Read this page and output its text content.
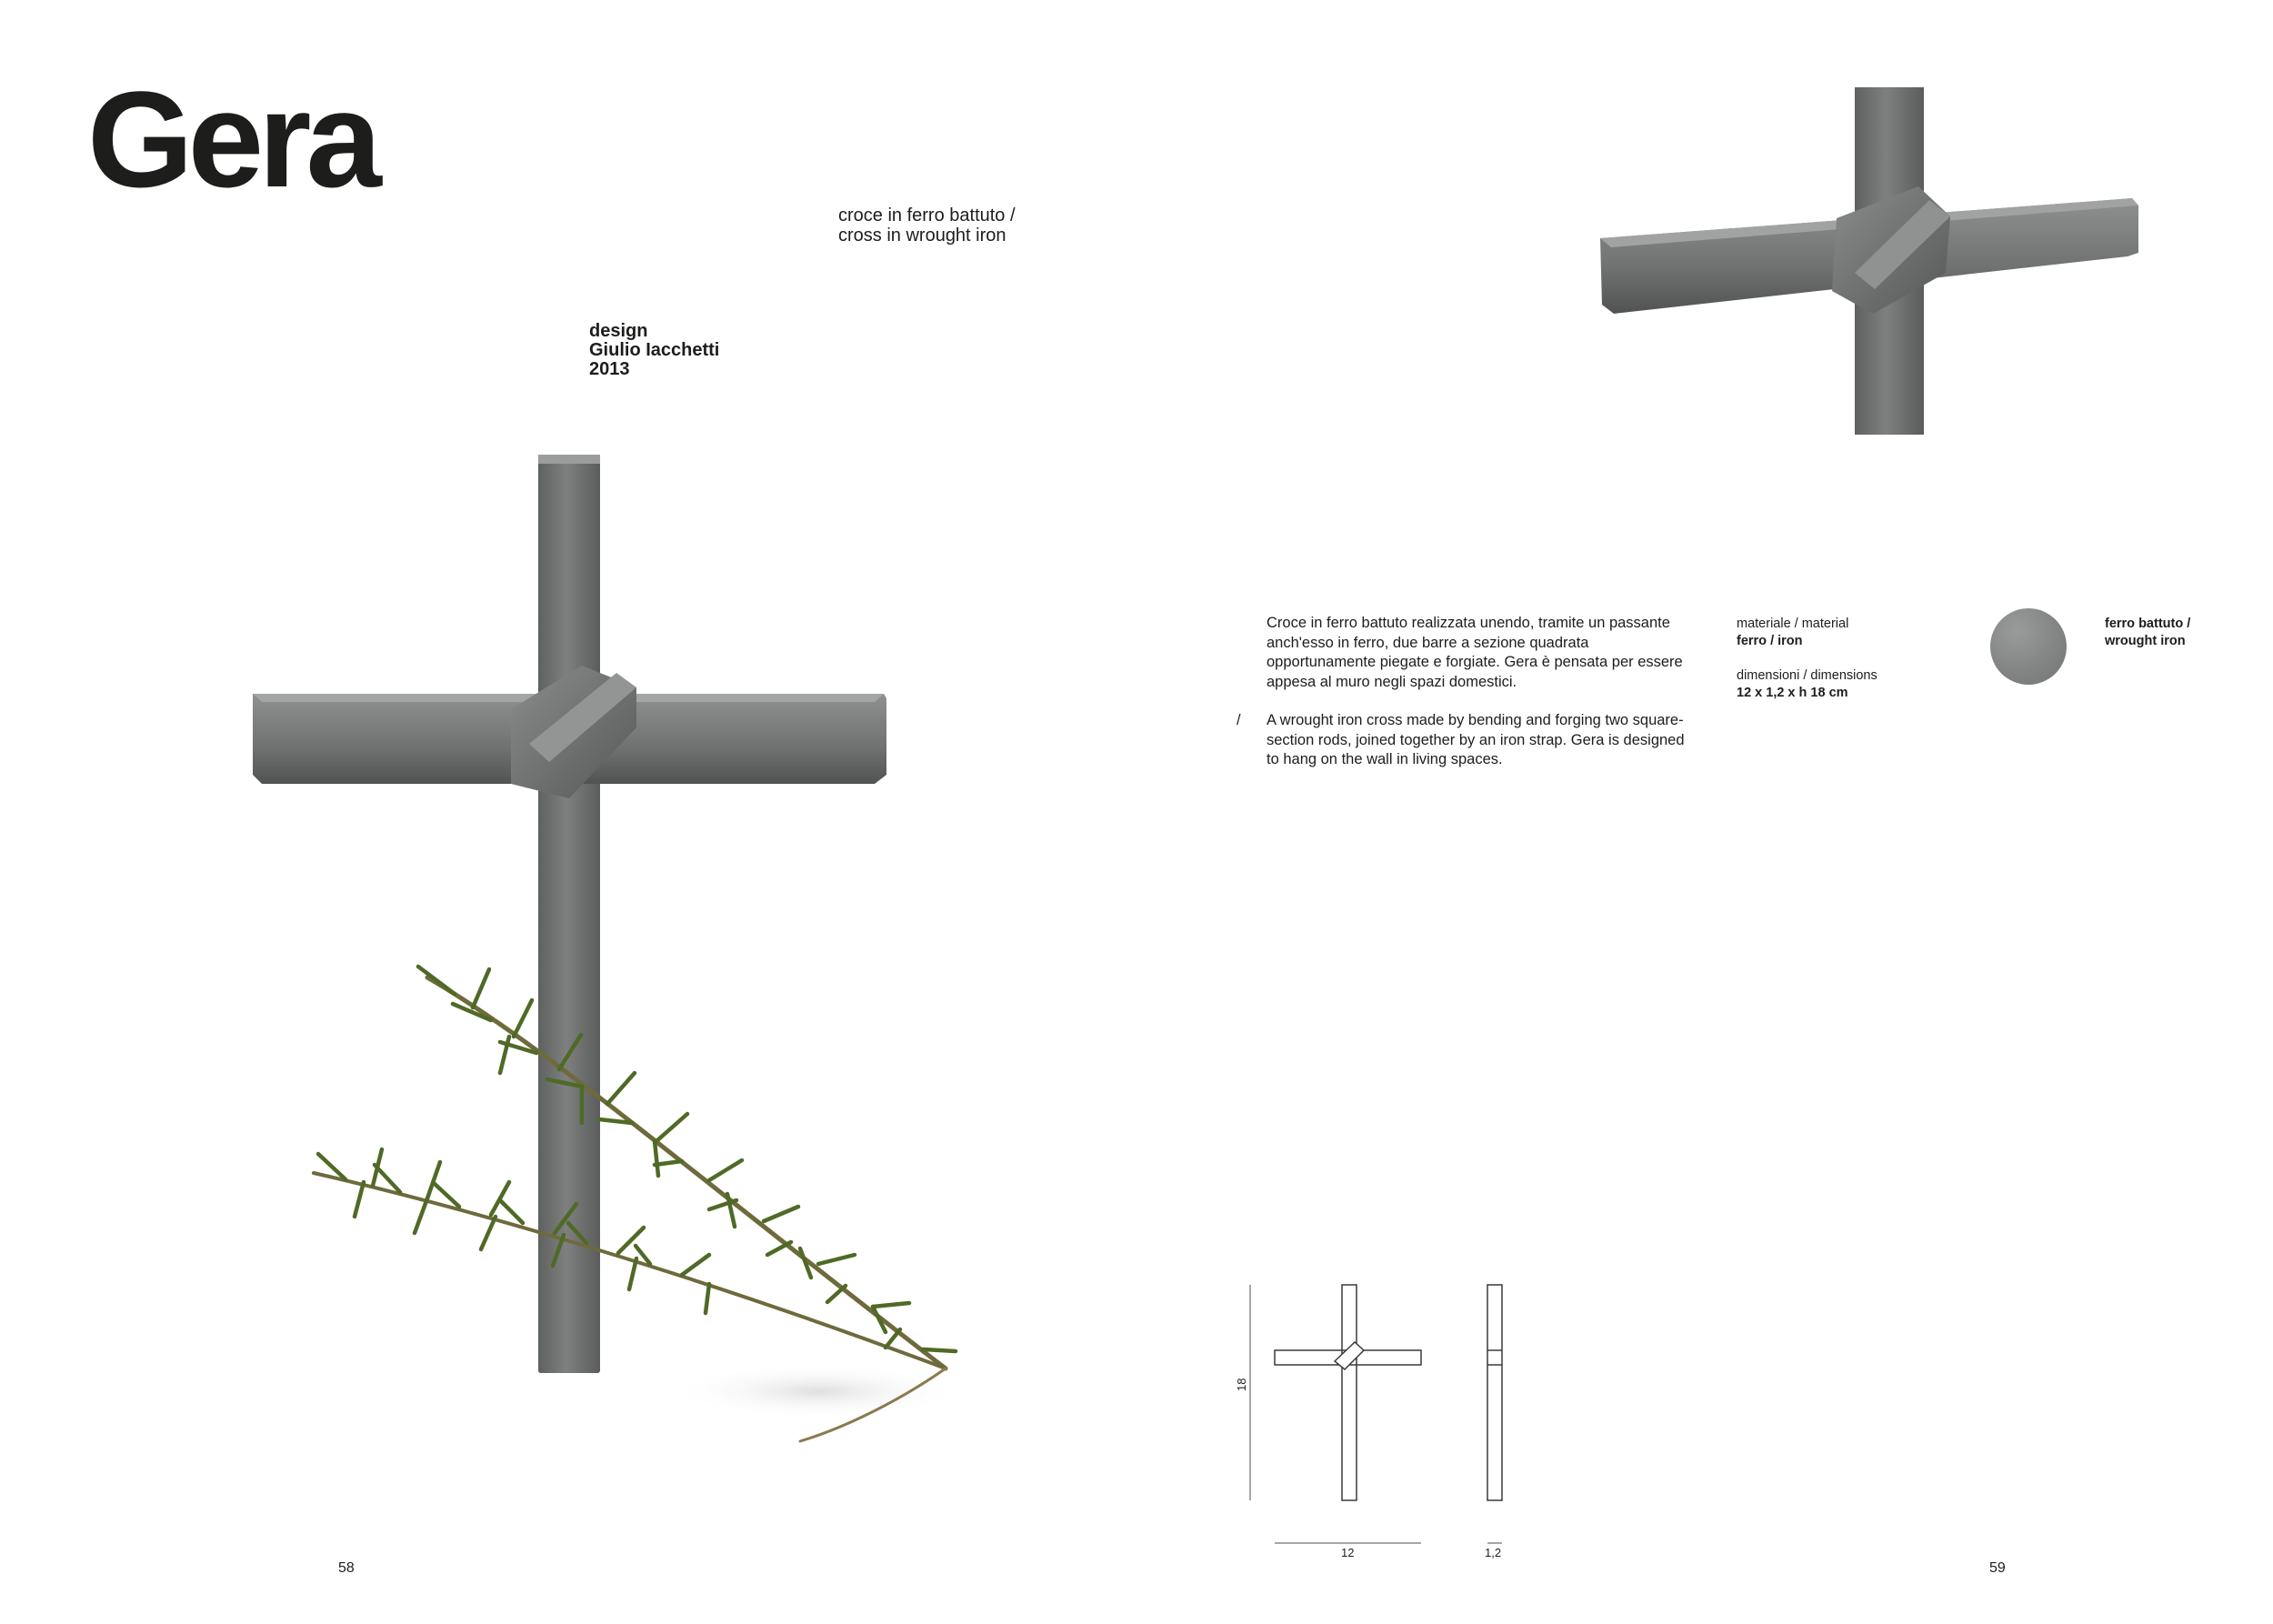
Gera	croce in ferro battuto /
cross in wrought iron
design
Giulio Iacchetti
2013

Croce in ferro battuto realizzata unendo, tramite un passante anch'esso in ferro, due barre a sezione quadrata opportunamente piegate e forgiate. Gera è pensata per essere appesa al muro negli spazi domestici.

/ A wrought iron cross made by bending and forging two square-section rods, joined together by an iron strap. Gera is designed to hang on the wall in living spaces.

materiale / material
ferro / iron
dimensioni / dimensions
12 x 1,2 x h 18 cm
ferro battuto /
wrought iron
18
12	1,2
58	59
